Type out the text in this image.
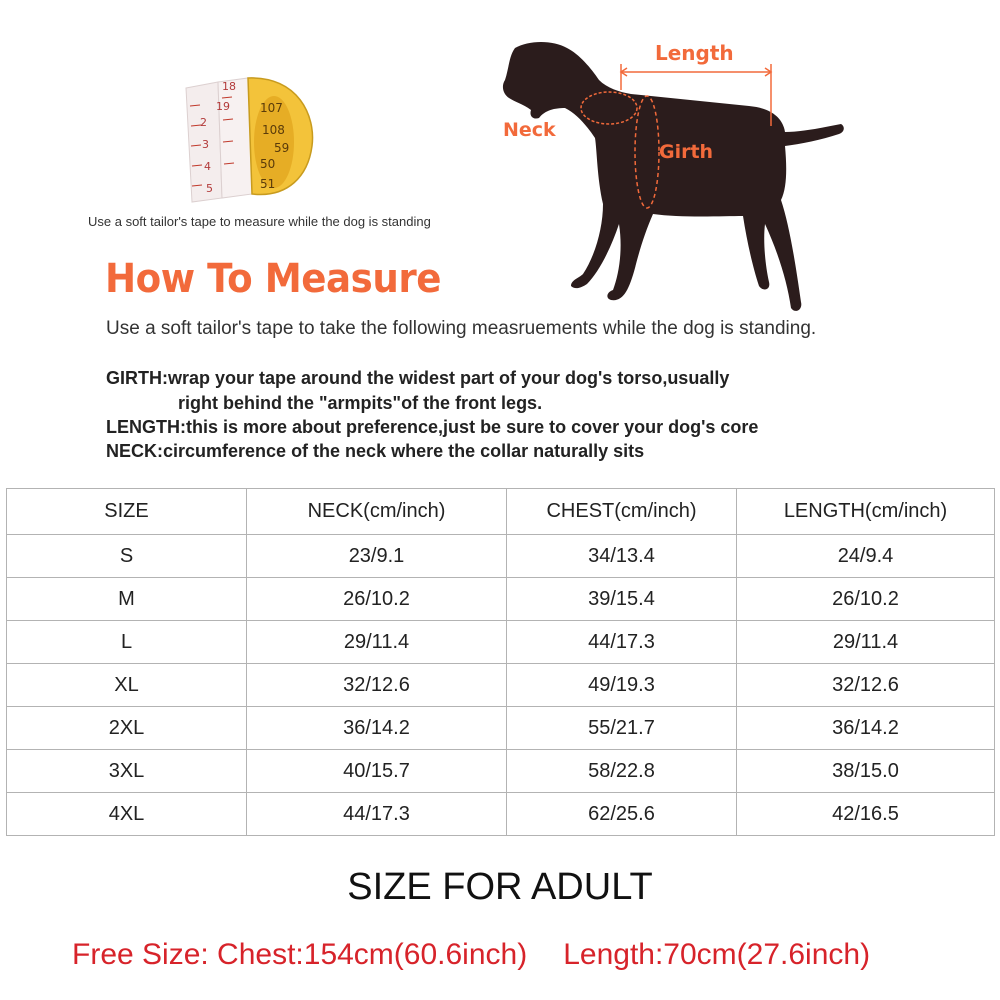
18
19
2
3
4
5
107
108
59
50
51
Use a soft tailor's tape to measure while the dog is standing
Length
Neck
Girth
How To Measure
Use a soft tailor's tape to take the following measruements while the dog is standing.
GIRTH:wrap your tape around the widest part of your dog's torso,usually
right behind the "armpits"of the front legs.
LENGTH:this is more about preference,just be sure to cover your dog's core
NECK:circumference of the neck where the collar naturally sits
SIZE	NECK(cm/inch)	CHEST(cm/inch)	LENGTH(cm/inch)
S	23/9.1	34/13.4	24/9.4
M	26/10.2	39/15.4	26/10.2
L	29/11.4	44/17.3	29/11.4
XL	32/12.6	49/19.3	32/12.6
2XL	36/14.2	55/21.7	36/14.2
3XL	40/15.7	58/22.8	38/15.0
4XL	44/17.3	62/25.6	42/16.5
SIZE FOR ADULT
Free Size: Chest:154cm(60.6inch) Length:70cm(27.6inch)
